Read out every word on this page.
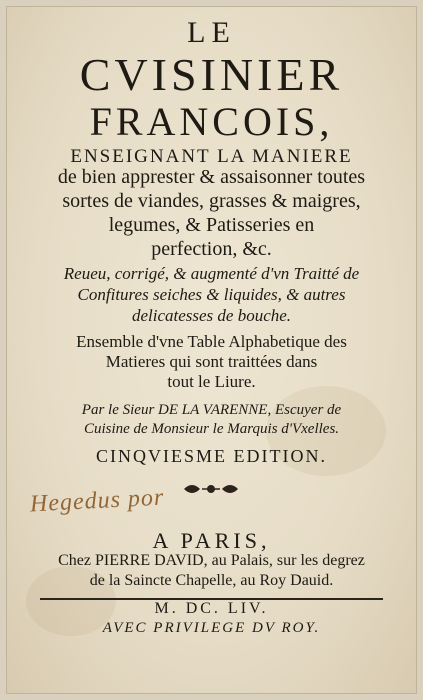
LE
CVISINIER
FRANCOIS,
ENSEIGNANT LA MANIERE
de bien apprester & assaisonner toutes
sortes de viandes, grasses & maigres,
legumes, & Patisseries en
perfection, &c.
Reueu, corrigé, & augmenté d'vn Traitté de
Confitures seiches & liquides, & autres
delicatesses de bouche.
Ensemble d'vne Table Alphabetique des
Matieres qui sont traittées dans
tout le Liure.
Par le Sieur DE LA VARENNE, Escuyer de
Cuisine de Monsieur le Marquis d'Vxelles.
CINQVIESME EDITION.
Hegedus por
A PARIS,
Chez PIERRE DAVID, au Palais, sur les degrez
de la Saincte Chapelle, au Roy Dauid.
M. DC. LIV.
AVEC PRIVILEGE DV ROY.
